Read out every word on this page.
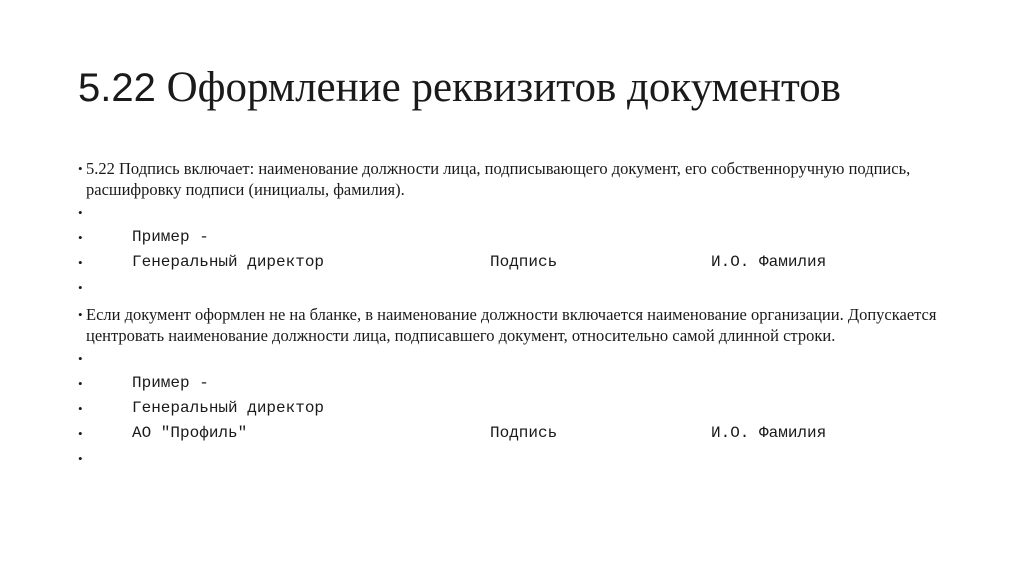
5.22 Оформление реквизитов документов
• 5.22 Подпись включает: наименование должности лица, подписывающего документ, его собственноручную подпись, расшифровку подписи (инициалы, фамилия).
•
•	Пример -
•	Генеральный директор	Подпись	И.О. Фамилия
•
• Если документ оформлен не на бланке, в наименование должности включается наименование организации. Допускается центровать наименование должности лица, подписавшего документ, относительно самой длинной строки.
•
•	Пример -
•	Генеральный директор
•	АО "Профиль"	Подпись	И.О. Фамилия
•
